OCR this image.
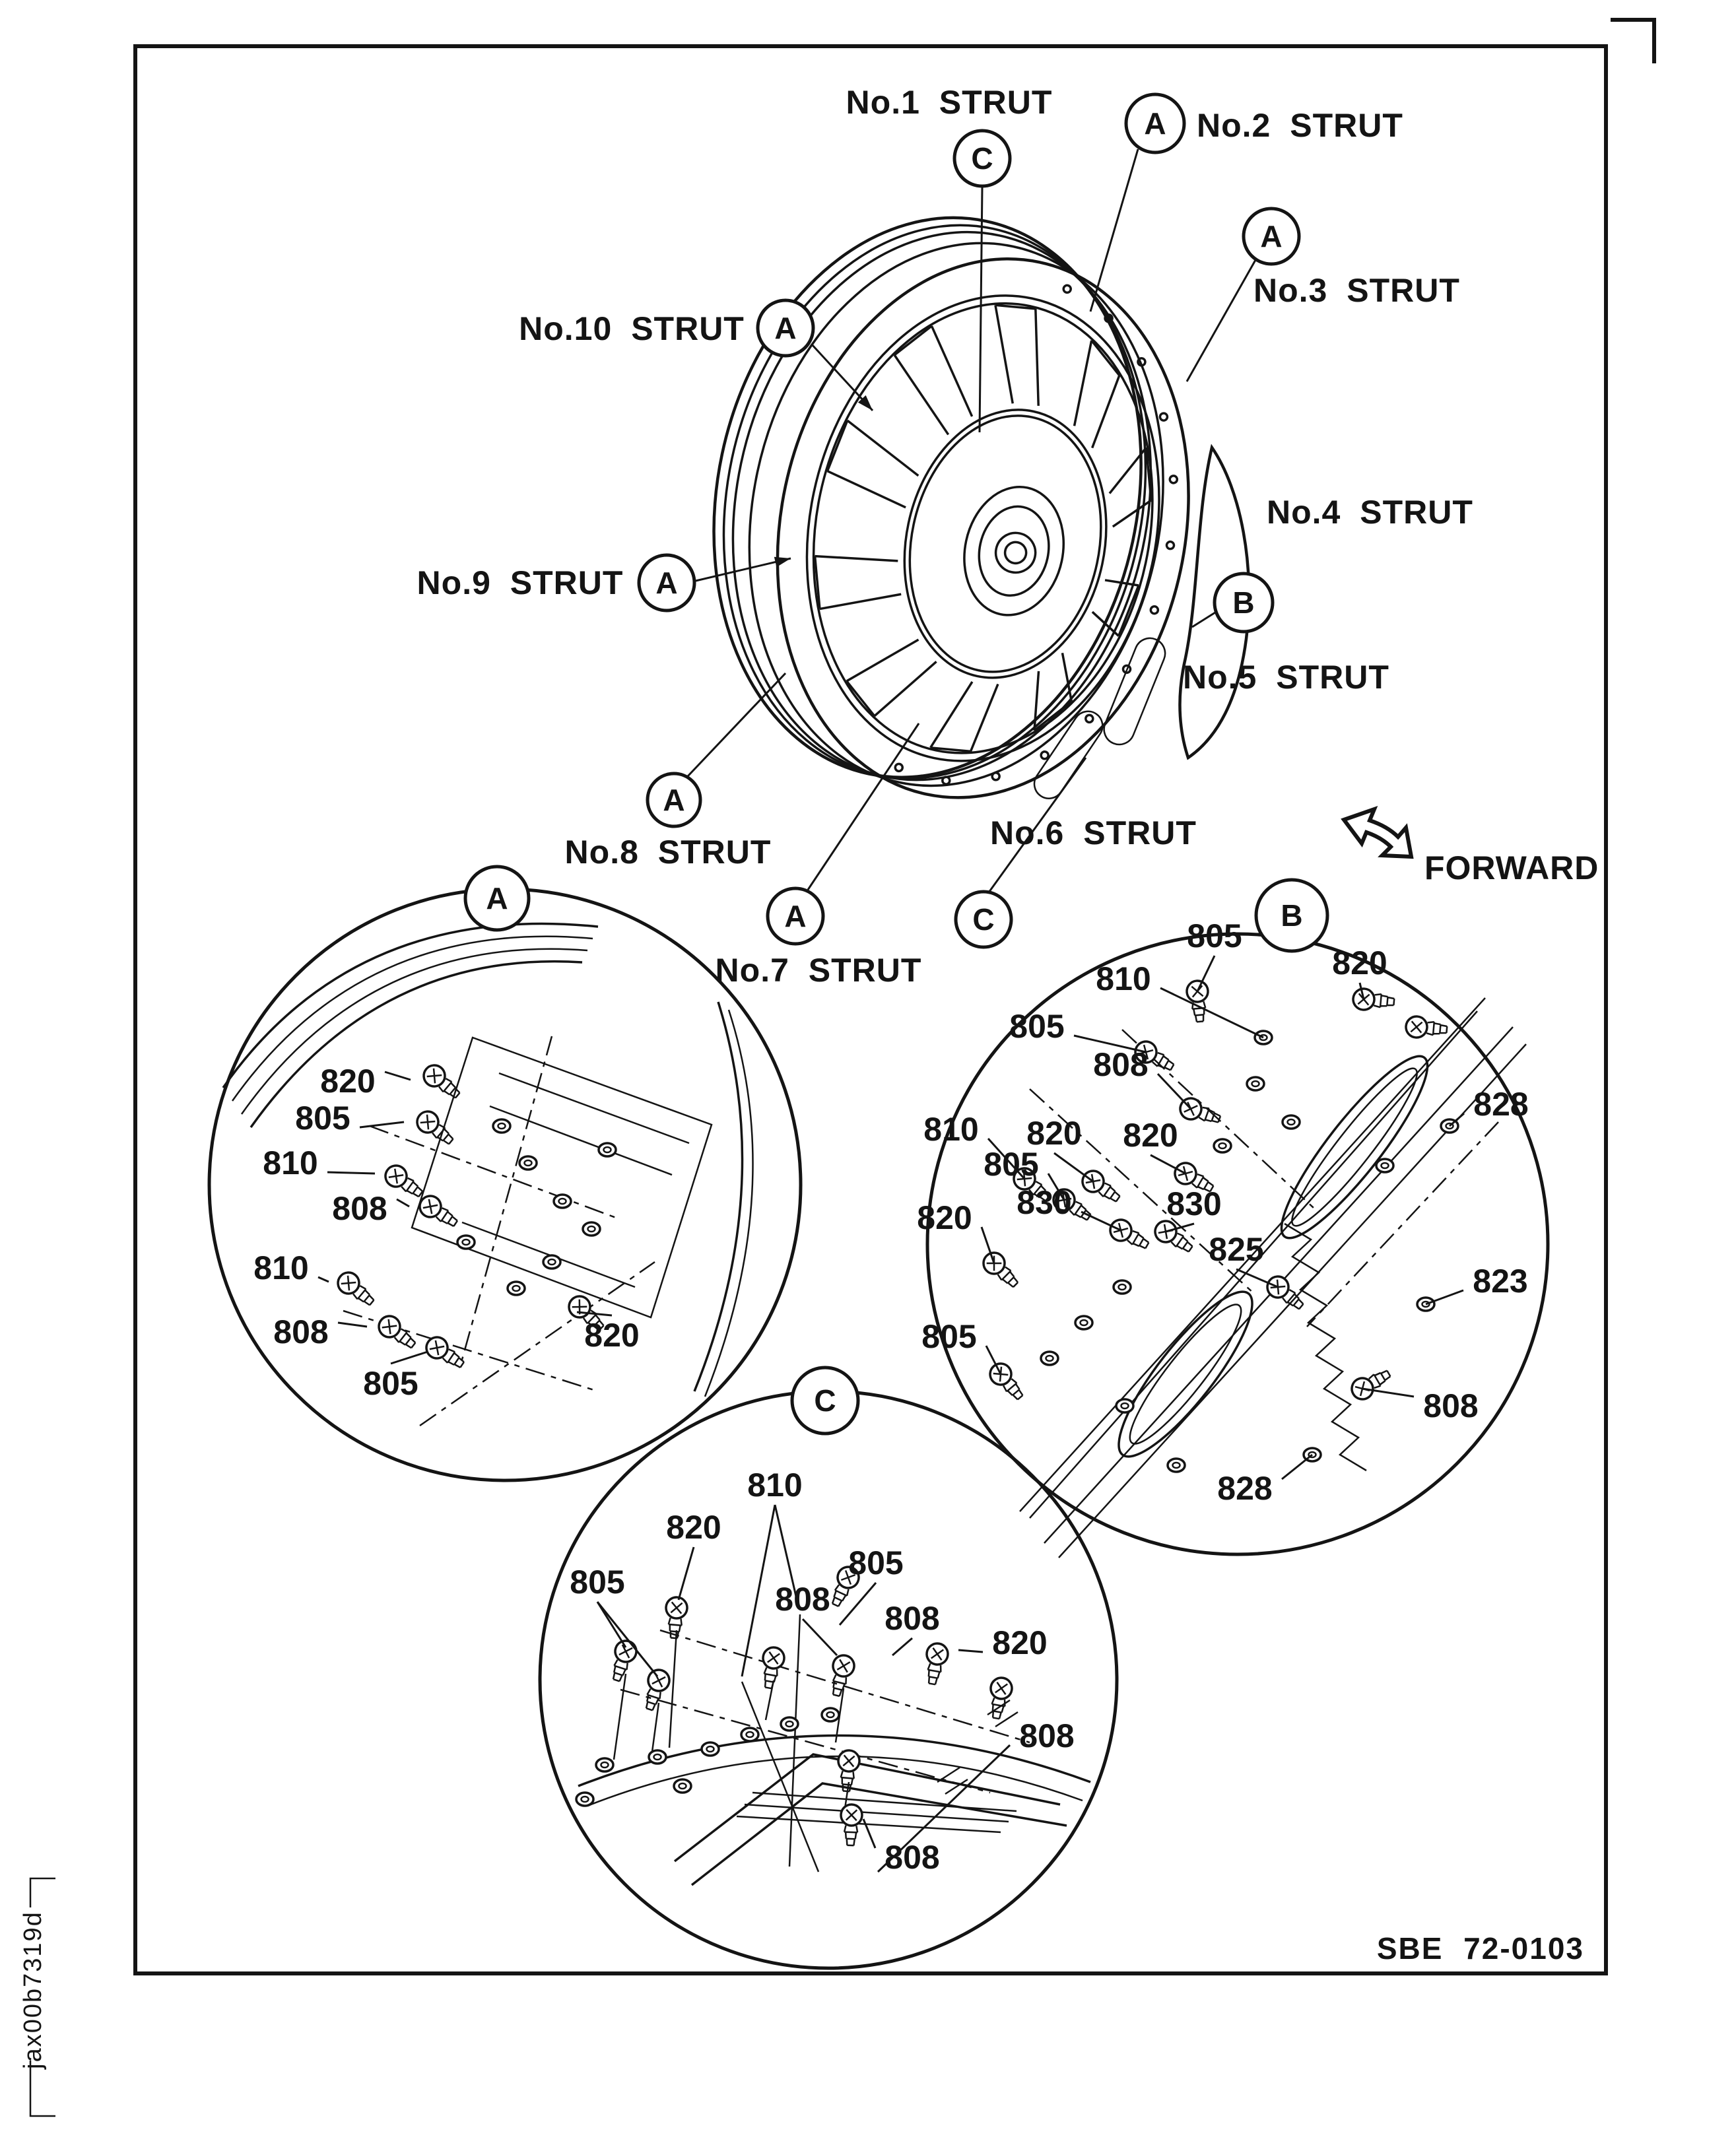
C
No.1 STRUT
A No.2 STRUT
A
No.3 STRUT
No.4 STRUT
No.5 STRUT
C
No.6 STRUT
A
No.7 STRUT
A
No.8 STRUT
A
No.9 STRUT
A
No.10 STRUT
B
A
820
805
810
808
810
808
805
820
B
805
810	820
805
808
828
810 820 820
805
830	830
820
825
805
823
808
828
C
810
805
820
805	808
808
820
808
808
FORWARD
SBE 72-0103
jax00b7319d
